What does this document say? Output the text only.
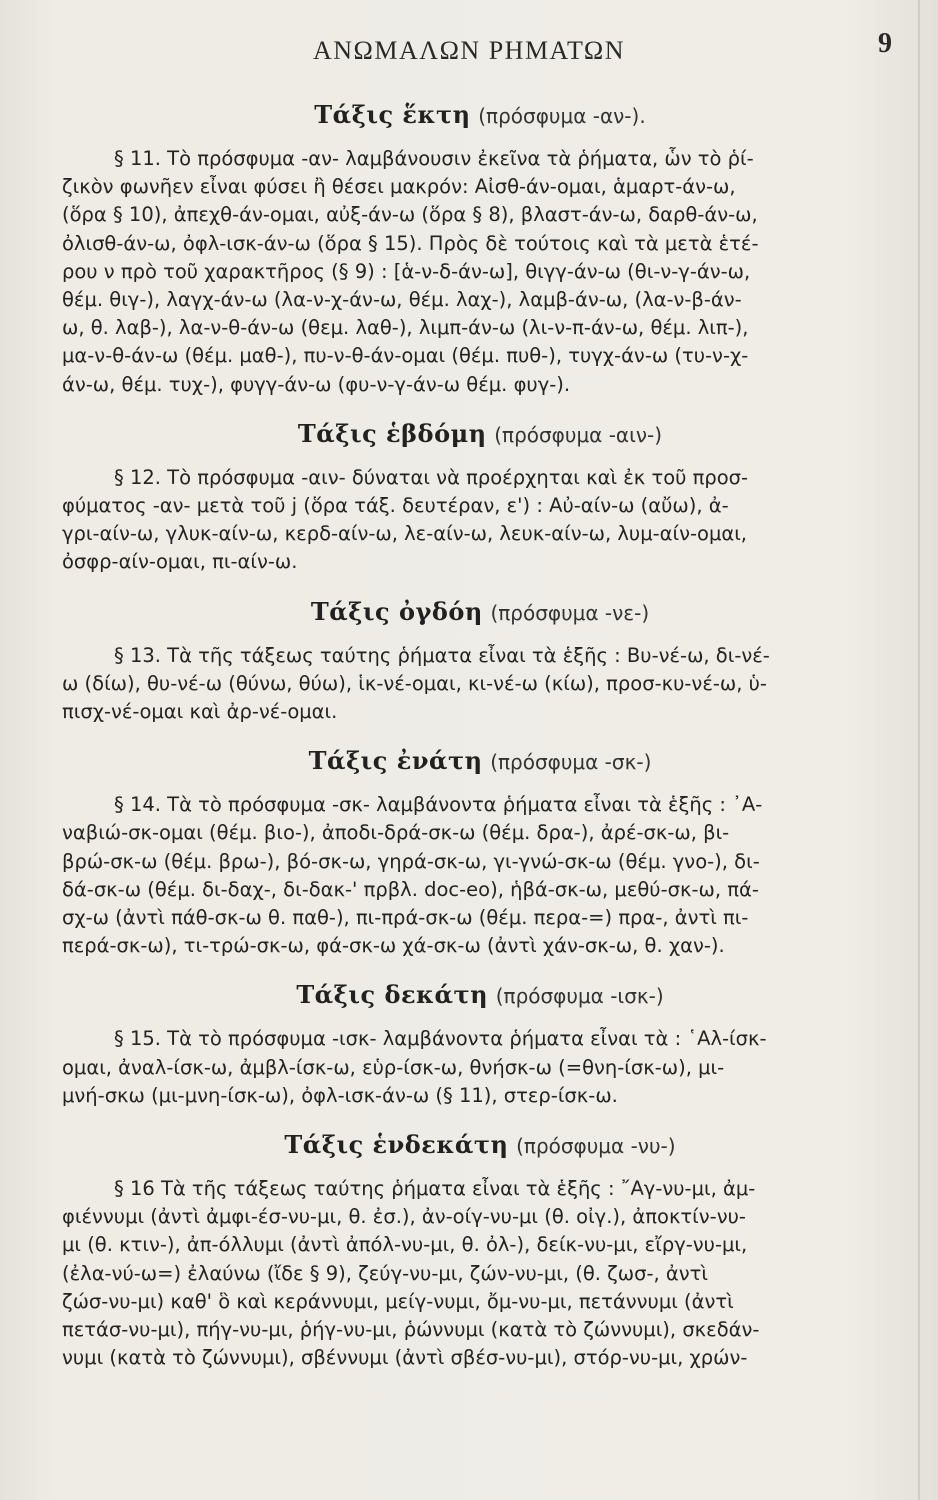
ΑΝΩΜΑΛΩΝ ΡΗΜΑΤΩΝ	9
Τάξις ἕκτη (πρόσφυμα -αν-).
§ 11. Τὸ πρόσφυμα -αν- λαμβάνουσιν ἐκεῖνα τὰ ῥήματα, ὧν τὸ ῥί-
ζικὸν φωνῆεν εἶναι φύσει ἢ θέσει μακρόν: Αἰσθ-άν-ομαι, ἁμαρτ-άν-ω,
(ὅρα § 10), ἀπεχθ-άν-ομαι, αὐξ-άν-ω (ὅρα § 8), βλαστ-άν-ω, δαρθ-άν-ω,
ὀλισθ-άν-ω, ὀφλ-ισκ-άν-ω (ὅρα § 15). Πρὸς δὲ τούτοις καὶ τὰ μετὰ ἑτέ-
ρου ν πρὸ τοῦ χαρακτῆρος (§ 9) : [ἁ-ν-δ-άν-ω], θιγγ-άν-ω (θι-ν-γ-άν-ω,
θέμ. θιγ-), λαγχ-άν-ω (λα-ν-χ-άν-ω, θέμ. λαχ-), λαμβ-άν-ω, (λα-ν-β-άν-
ω, θ. λαβ-), λα-ν-θ-άν-ω (θεμ. λαθ-), λιμπ-άν-ω (λι-ν-π-άν-ω, θέμ. λιπ-),
μα-ν-θ-άν-ω (θέμ. μαθ-), πυ-ν-θ-άν-ομαι (θέμ. πυθ-), τυγχ-άν-ω (τυ-ν-χ-
άν-ω, θέμ. τυχ-), φυγγ-άν-ω (φυ-ν-γ-άν-ω θέμ. φυγ-).
Τάξις ἑβδόμη (πρόσφυμα -αιν-)
§ 12. Τὸ πρόσφυμα -αιν- δύναται νὰ προέρχηται καὶ ἐκ τοῦ προσ-
φύματος -αν- μετὰ τοῦ j (ὅρα τάξ. δευτέραν, ε') : Αὐ-αίν-ω (αὔω), ἀ-
γρι-αίν-ω, γλυκ-αίν-ω, κερδ-αίν-ω, λε-αίν-ω, λευκ-αίν-ω, λυμ-αίν-ομαι,
ὀσφρ-αίν-ομαι, πι-αίν-ω.
Τάξις ὀγδόη (πρόσφυμα -νε-)
§ 13. Τὰ τῆς τάξεως ταύτης ῥήματα εἶναι τὰ ἑξῆς : Βυ-νέ-ω, δι-νέ-
ω (δίω), θυ-νέ-ω (θύνω, θύω), ἱκ-νέ-ομαι, κι-νέ-ω (κίω), προσ-κυ-νέ-ω, ὑ-
πισχ-νέ-ομαι καὶ ἀρ-νέ-ομαι.
Τάξις ἐνάτη (πρόσφυμα -σκ-)
§ 14. Τὰ τὸ πρόσφυμα -σκ- λαμβάνοντα ῥήματα εἶναι τὰ ἑξῆς : ᾿Α-
ναβιώ-σκ-ομαι (θέμ. βιο-), ἀποδι-δρά-σκ-ω (θέμ. δρα-), ἀρέ-σκ-ω, βι-
βρώ-σκ-ω (θέμ. βρω-), βό-σκ-ω, γηρά-σκ-ω, γι-γνώ-σκ-ω (θέμ. γνο-), δι-
δά-σκ-ω (θέμ. δι-δαχ-, δι-δακ-' πρβλ. doc-eo), ἡβά-σκ-ω, μεθύ-σκ-ω, πά-
σχ-ω (ἀντὶ πάθ-σκ-ω θ. παθ-), πι-πρά-σκ-ω (θέμ. περα-=) πρα-, ἀντὶ πι-
περά-σκ-ω), τι-τρώ-σκ-ω, φά-σκ-ω χά-σκ-ω (ἀντὶ χάν-σκ-ω, θ. χαν-).
Τάξις δεκάτη (πρόσφυμα -ισκ-)
§ 15. Τὰ τὸ πρόσφυμα -ισκ- λαμβάνοντα ῥήματα εἶναι τὰ : ῾Αλ-ίσκ-
ομαι, ἀναλ-ίσκ-ω, ἀμβλ-ίσκ-ω, εὑρ-ίσκ-ω, θνήσκ-ω (=θνη-ίσκ-ω), μι-
μνή-σκω (μι-μνη-ίσκ-ω), ὀφλ-ισκ-άν-ω (§ 11), στερ-ίσκ-ω.
Τάξις ἑνδεκάτη (πρόσφυμα -νυ-)
§ 16 Τὰ τῆς τάξεως ταύτης ῥήματα εἶναι τὰ ἑξῆς : ῎Αγ-νυ-μι, ἀμ-
φιέννυμι (ἀντὶ ἀμφι-έσ-νυ-μι, θ. ἐσ.), ἀν-οίγ-νυ-μι (θ. οἰγ.), ἀποκτίν-νυ-
μι (θ. κτιν-), ἀπ-όλλυμι (ἀντὶ ἀπόλ-νυ-μι, θ. ὀλ-), δείκ-νυ-μι, εἴργ-νυ-μι,
(ἐλα-νύ-ω=) ἐλαύνω (ἴδε § 9), ζεύγ-νυ-μι, ζών-νυ-μι, (θ. ζωσ-, ἀντὶ
ζώσ-νυ-μι) καθ' ὃ καὶ κεράννυμι, μείγ-νυμι, ὄμ-νυ-μι, πετάννυμι (ἀντὶ
πετάσ-νυ-μι), πήγ-νυ-μι, ῥήγ-νυ-μι, ῥώννυμι (κατὰ τὸ ζώννυμι), σκεδάν-
νυμι (κατὰ τὸ ζώννυμι), σβέννυμι (ἀντὶ σβέσ-νυ-μι), στόρ-νυ-μι, χρών-
